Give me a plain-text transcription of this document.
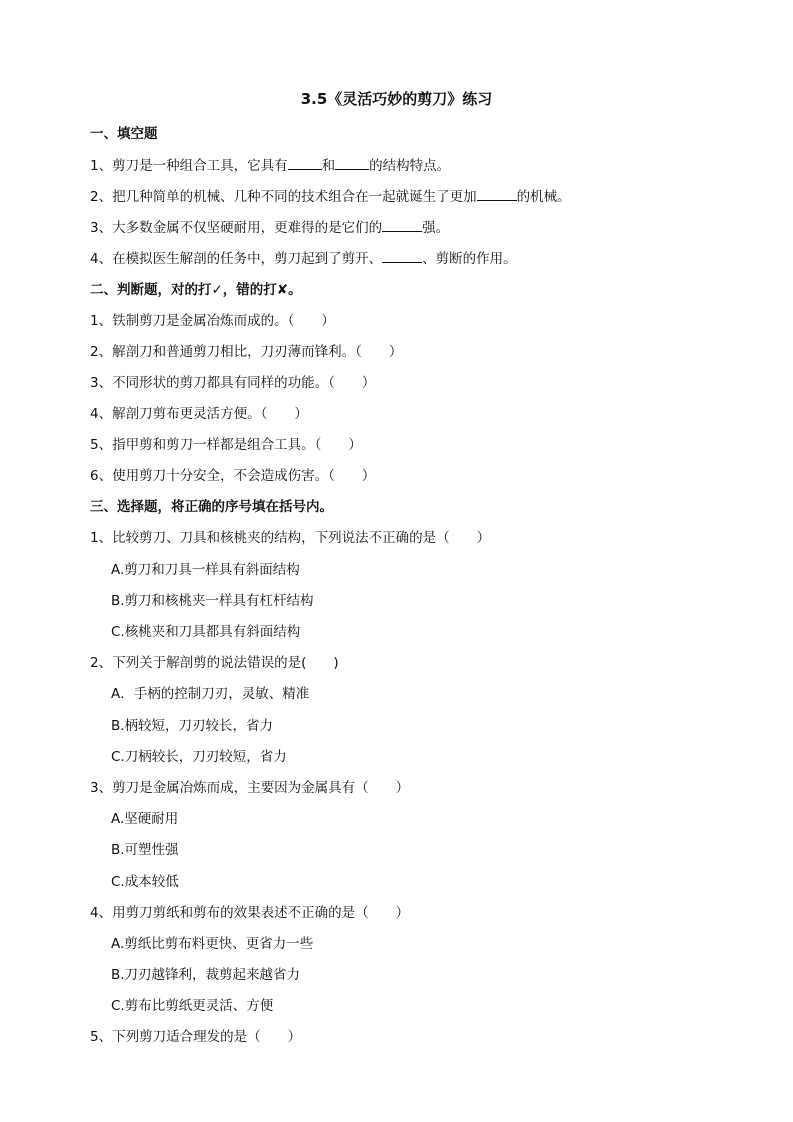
3.5《灵活巧妙的剪刀》练习
一、填空题
1、剪刀是一种组合工具，它具有	和	的结构特点。
2、把几种简单的机械、几种不同的技术组合在一起就诞生了更加	的机械。
3、大多数金属不仅坚硬耐用，更难得的是它们的	强。
4、在模拟医生解剖的任务中，剪刀起到了剪开、	、剪断的作用。
二、判断题，对的打✓，错的打✘。
1、铁制剪刀是金属冶炼而成的。（　　）
2、解剖刀和普通剪刀相比，刀刃薄而锋利。（　　）
3、不同形状的剪刀都具有同样的功能。（　　）
4、解剖刀剪布更灵活方便。（　　）
5、指甲剪和剪刀一样都是组合工具。（　　）
6、使用剪刀十分安全，不会造成伤害。（　　）
三、选择题，将正确的序号填在括号内。
1、比较剪刀、刀具和核桃夹的结构，下列说法不正确的是（　　）
A.剪刀和刀具一样具有斜面结构
B.剪刀和核桃夹一样具有杠杆结构
C.核桃夹和刀具都具有斜面结构
2、下列关于解剖剪的说法错误的是(　　)
A．手柄的控制刀刃，灵敏、精准
B.柄较短，刀刃较长，省力
C.刀柄较长，刀刃较短，省力
3、剪刀是金属冶炼而成，主要因为金属具有（　　）
A.坚硬耐用
B.可塑性强
C.成本较低
4、用剪刀剪纸和剪布的效果表述不正确的是（　　）
A.剪纸比剪布料更快、更省力一些
B.刀刃越锋利，裁剪起来越省力
C.剪布比剪纸更灵活、方便
5、下列剪刀适合理发的是（　　）
